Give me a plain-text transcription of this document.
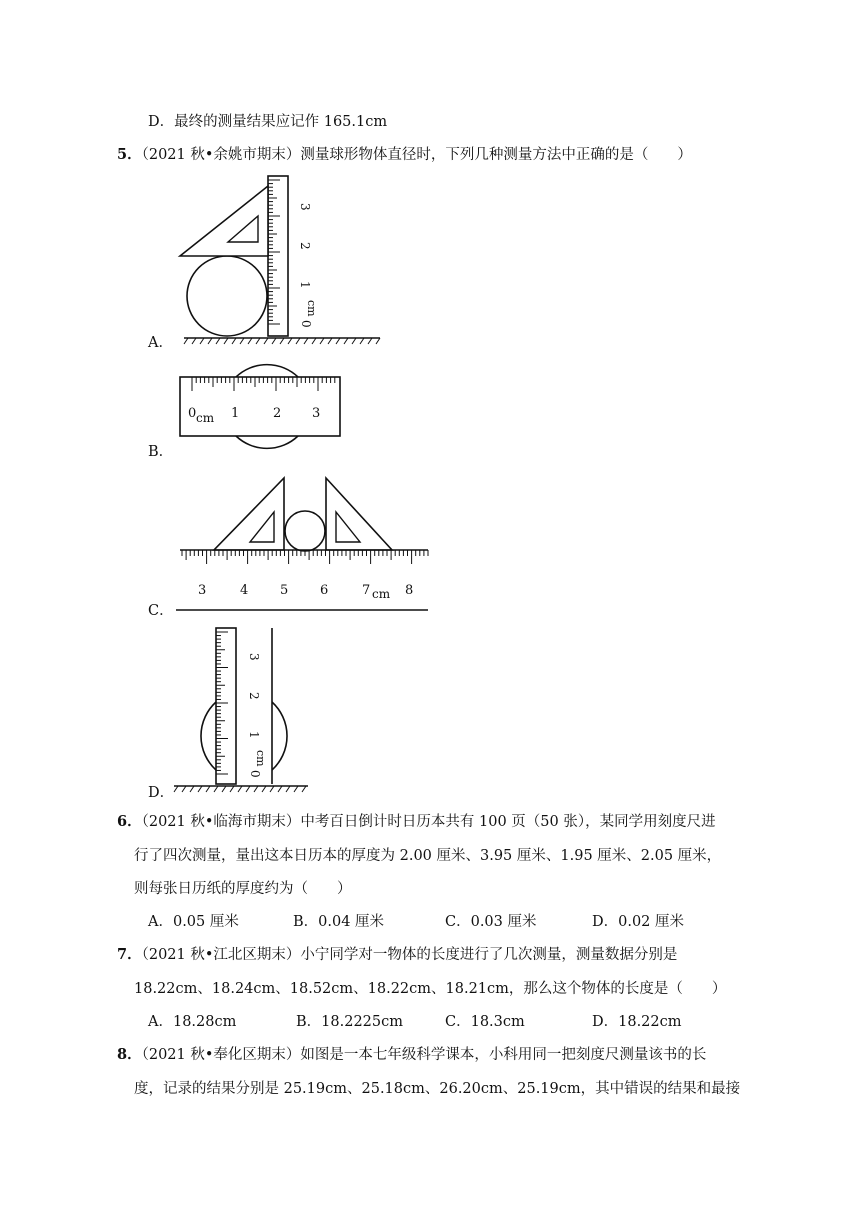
D．最终的测量结果应记作 165.1cm
5．（2021 秋•余姚市期末）测量球形物体直径时，下列几种测量方法中正确的是（　　）
A．
0
1
2
3
cm
B．
0 cm 1	2 3
C．
3	4 5 6	7 cm 8
D．
0
1
2
3
cm
6．（2021 秋•临海市期末）中考百日倒计时日历本共有 100 页（50 张），某同学用刻度尺进
行了四次测量，量出这本日历本的厚度为 2.00 厘米、3.95 厘米、1.95 厘米、2.05 厘米，
则每张日历纸的厚度约为（　　）
A．0.05 厘米	B．0.04 厘米	C．0.03 厘米	D．0.02 厘米
7．（2021 秋•江北区期末）小宁同学对一物体的长度进行了几次测量，测量数据分别是
18.22cm、18.24cm、18.52cm、18.22cm、18.21cm，那么这个物体的长度是（　　）
A．18.28cm	B．18.2225cm	C．18.3cm	D．18.22cm
8．（2021 秋•奉化区期末）如图是一本七年级科学课本，小科用同一把刻度尺测量该书的长
度，记录的结果分别是 25.19cm、25.18cm、26.20cm、25.19cm，其中错误的结果和最接
